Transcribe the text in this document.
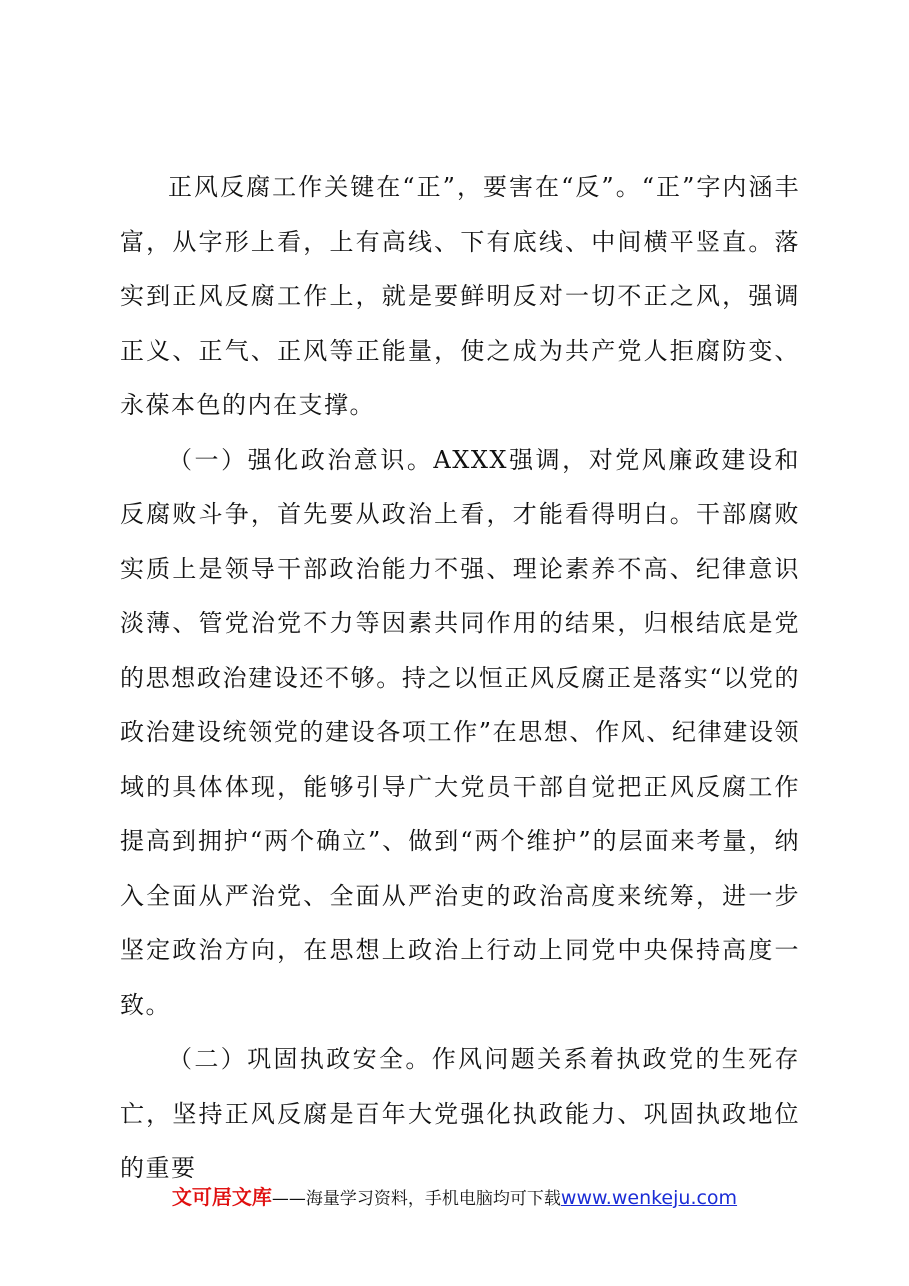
正风反腐工作关键在“正”，要害在“反”。“正”字内涵丰富，从字形上看，上有高线、下有底线、中间横平竖直。落实到正风反腐工作上，就是要鲜明反对一切不正之风，强调正义、正气、正风等正能量，使之成为共产党人拒腐防变、永葆本色的内在支撑。

（一）强化政治意识。AXXX强调，对党风廉政建设和反腐败斗争，首先要从政治上看，才能看得明白。干部腐败实质上是领导干部政治能力不强、理论素养不高、纪律意识淡薄、管党治党不力等因素共同作用的结果，归根结底是党的思想政治建设还不够。持之以恒正风反腐正是落实“以党的政治建设统领党的建设各项工作”在思想、作风、纪律建设领域的具体体现，能够引导广大党员干部自觉把正风反腐工作提高到拥护“两个确立”、做到“两个维护”的层面来考量，纳入全面从严治党、全面从严治吏的政治高度来统筹，进一步坚定政治方向，在思想上政治上行动上同党中央保持高度一致。

（二）巩固执政安全。作风问题关系着执政党的生死存亡，坚持正风反腐是百年大党强化执政能力、巩固执政地位的重要

文可居文库——海量学习资料，手机电脑均可下载www.wenkeju.com
